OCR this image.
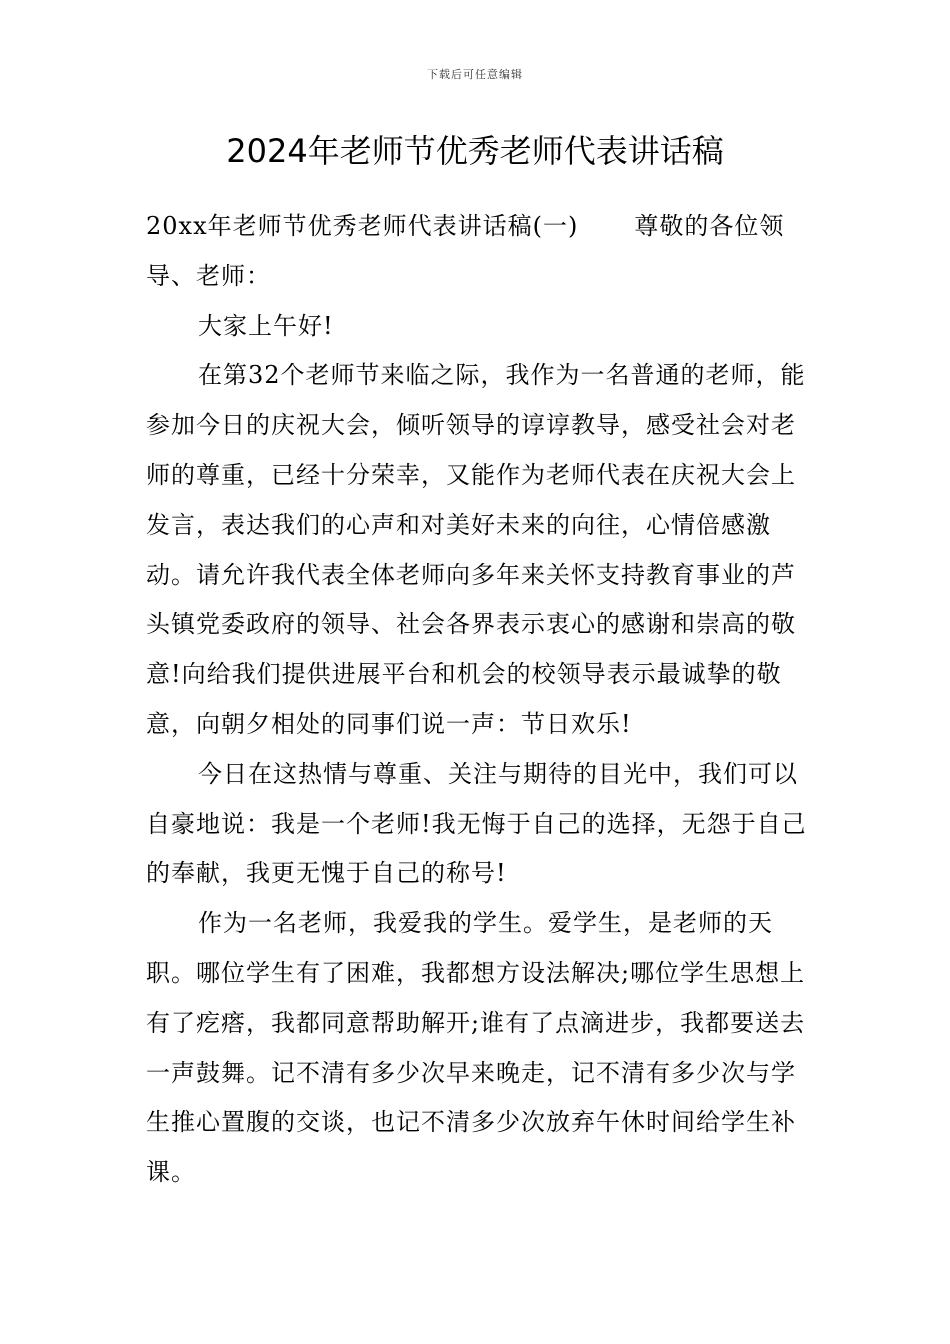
下载后可任意编辑
2024年老师节优秀老师代表讲话稿

20xx年老师节优秀老师代表讲话稿(一) 尊敬的各位领导、老师：

大家上午好!

在第32个老师节来临之际，我作为一名普通的老师，能参加今日的庆祝大会，倾听领导的谆谆教导，感受社会对老师的尊重，已经十分荣幸，又能作为老师代表在庆祝大会上发言，表达我们的心声和对美好未来的向往，心情倍感激动。请允许我代表全体老师向多年来关怀支持教育事业的芦头镇党委政府的领导、社会各界表示衷心的感谢和崇高的敬意!向给我们提供进展平台和机会的校领导表示最诚挚的敬意，向朝夕相处的同事们说一声：节日欢乐!

今日在这热情与尊重、关注与期待的目光中，我们可以自豪地说：我是一个老师!我无悔于自己的选择，无怨于自己的奉献，我更无愧于自己的称号!

作为一名老师，我爱我的学生。爱学生，是老师的天职。哪位学生有了困难，我都想方设法解决;哪位学生思想上有了疙瘩，我都同意帮助解开;谁有了点滴进步，我都要送去一声鼓舞。记不清有多少次早来晚走，记不清有多少次与学生推心置腹的交谈，也记不清多少次放弃午休时间给学生补课。
